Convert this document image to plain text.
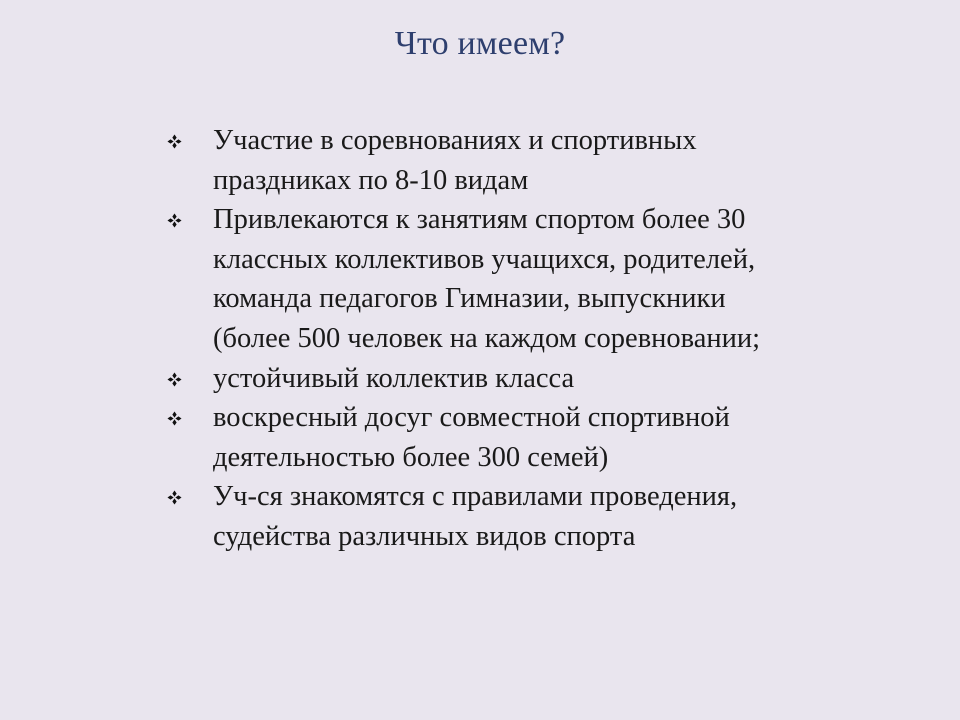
Что имеем?
Участие в соревнованиях и спортивных праздниках по 8-10 видам
Привлекаются к занятиям спортом более 30 классных коллективов учащихся, родителей, команда педагогов Гимназии, выпускники (более 500 человек на каждом соревновании;
устойчивый коллектив класса
воскресный досуг совместной спортивной деятельностью более 300 семей)
Уч-ся знакомятся с правилами проведения, судейства различных видов спорта
